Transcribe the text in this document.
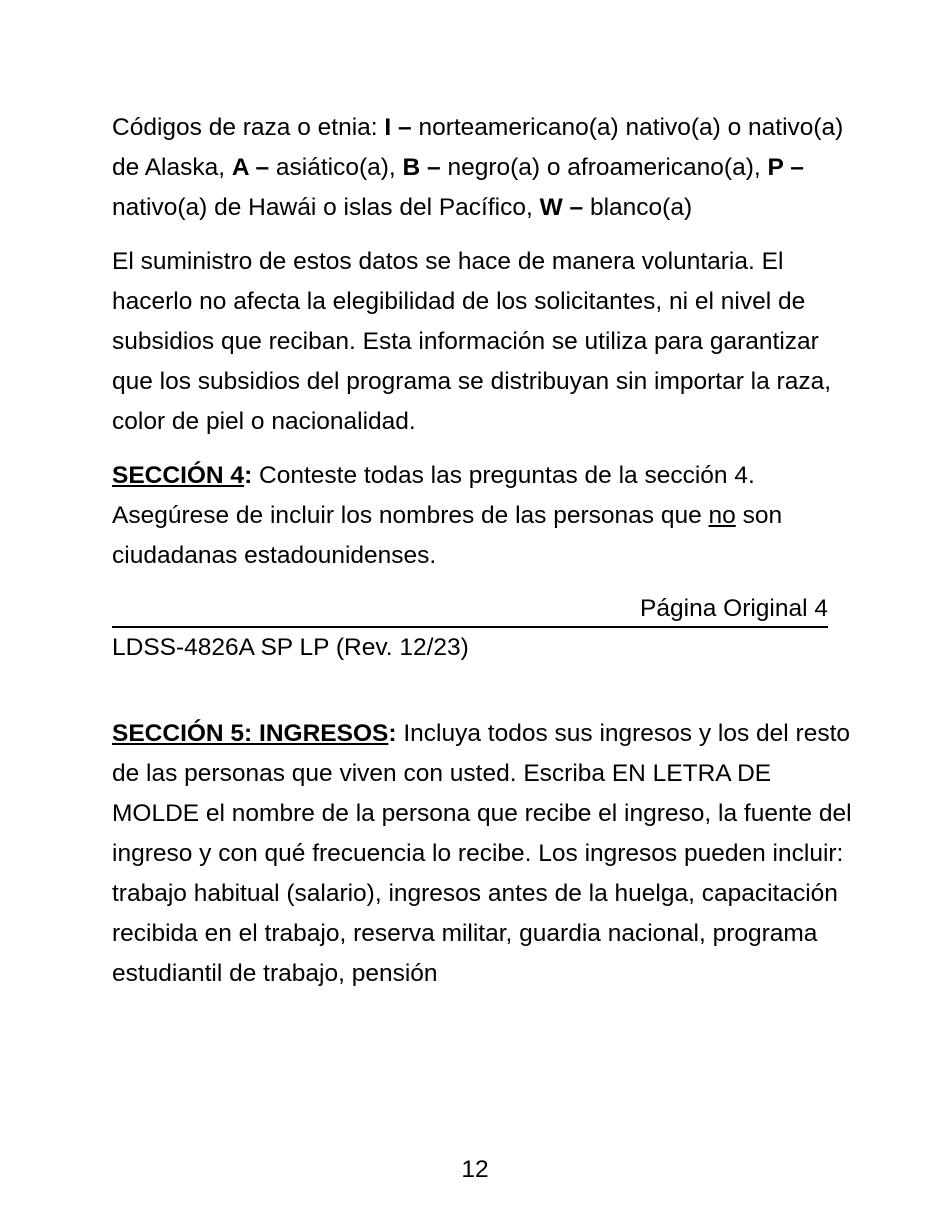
Códigos de raza o etnia: I – norteamericano(a) nativo(a) o nativo(a) de Alaska, A – asiático(a), B – negro(a) o afroamericano(a), P – nativo(a) de Hawái o islas del Pacífico, W – blanco(a)

El suministro de estos datos se hace de manera voluntaria. El hacerlo no afecta la elegibilidad de los solicitantes, ni el nivel de subsidios que reciban. Esta información se utiliza para garantizar que los subsidios del programa se distribuyan sin importar la raza, color de piel o nacionalidad.

SECCIÓN 4: Conteste todas las preguntas de la sección 4. Asegúrese de incluir los nombres de las personas que no son ciudadanas estadounidenses.

Página Original 4
LDSS-4826A SP LP (Rev. 12/23)

SECCIÓN 5: INGRESOS: Incluya todos sus ingresos y los del resto de las personas que viven con usted. Escriba EN LETRA DE MOLDE el nombre de la persona que recibe el ingreso, la fuente del ingreso y con qué frecuencia lo recibe. Los ingresos pueden incluir: trabajo habitual (salario), ingresos antes de la huelga, capacitación recibida en el trabajo, reserva militar, guardia nacional, programa estudiantil de trabajo, pensión

12
